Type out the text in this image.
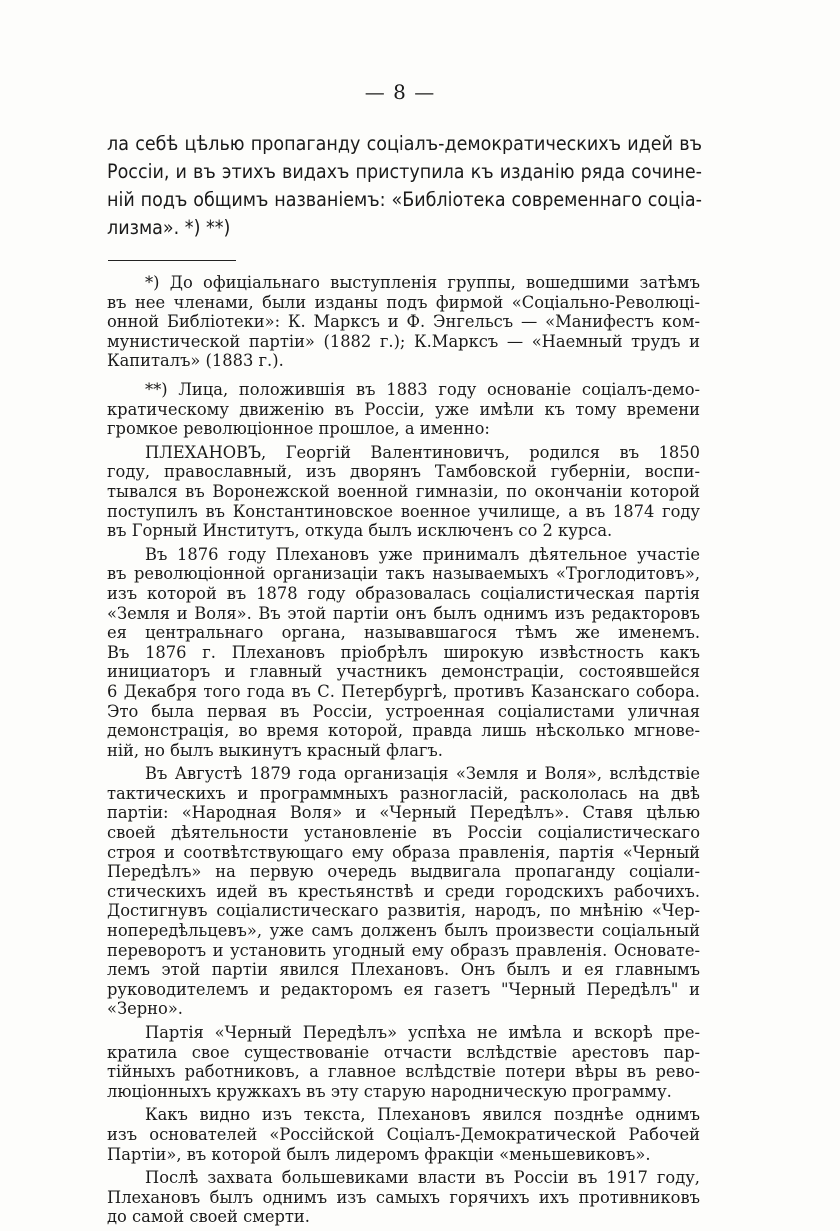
— 8 —
ла себѣ цѣлью пропаганду соціалъ-демократическихъ идей въ
Россіи, и въ этихъ видахъ приступила къ изданію ряда сочине-
ній подъ общимъ названіемъ: «Библіотека современнаго соціа-
лизма». *) **)
*) До офиціальнаго выступленія группы, вошедшими затѣмъ
въ нее членами, были изданы подъ фирмой «Соціально-Революці-
онной Библіотеки»: К. Марксъ и Ф. Энгельсъ — «Манифестъ ком-
мунистической партіи» (1882 г.); К.Марксъ — «Наемный трудъ и
Капиталъ» (1883 г.).
**) Лица, положившія въ 1883 году основаніе соціалъ-демо-
кратическому движенію въ Россіи, уже имѣли къ тому времени
громкое революціонное прошлое, а именно:
ПЛЕХАНОВЪ, Георгій Валентиновичъ, родился въ 1850
году, православный, изъ дворянъ Тамбовской губерніи, воспи-
тывался въ Воронежской военной гимназіи, по окончаніи которой
поступилъ въ Константиновское военное училище, а въ 1874 году
въ Горный Институтъ, откуда былъ исключенъ со 2 курса.
Въ 1876 году Плехановъ уже принималъ дѣятельное участіе
въ революціонной организаціи такъ называемыхъ «Троглодитовъ»,
изъ которой въ 1878 году образовалась соціалистическая партія
«Земля и Воля». Въ этой партіи онъ былъ однимъ изъ редакторовъ
ея центральнаго органа, называвшагося тѣмъ же именемъ.
Въ 1876 г. Плехановъ пріобрѣлъ широкую извѣстность какъ
инициаторъ и главный участникъ демонстраціи, состоявшейся
6 Декабря того года въ С. Петербургѣ, противъ Казанскаго собора.
Это была первая въ Россіи, устроенная соціалистами уличная
демонстрація, во время которой, правда лишь нѣсколько мгнове-
ній, но былъ выкинутъ красный флагъ.
Въ Августѣ 1879 года организація «Земля и Воля», вслѣдствіе
тактическихъ и программныхъ разногласій, раскололась на двѣ
партіи: «Народная Воля» и «Черный Передѣлъ». Ставя цѣлью
своей дѣятельности установленіе въ Россіи соціалистическаго
строя и соотвѣтствующаго ему образа правленія, партія «Черный
Передѣлъ» на первую очередь выдвигала пропаганду соціали-
стическихъ идей въ крестьянствѣ и среди городскихъ рабочихъ.
Достигнувъ соціалистическаго развитія, народъ, по мнѣнію «Чер-
нопередѣльцевъ», уже самъ долженъ былъ произвести соціальный
переворотъ и установить угодный ему образъ правленія. Основате-
лемъ этой партіи явился Плехановъ. Онъ былъ и ея главнымъ
руководителемъ и редакторомъ ея газетъ "Черный Передѣлъ" и
«Зерно».
Партія «Черный Передѣлъ» успѣха не имѣла и вскорѣ пре-
кратила свое существованіе отчасти вслѣдствіе арестовъ пар-
тійныхъ работниковъ, а главное вслѣдствіе потери вѣры въ рево-
люціонныхъ кружкахъ въ эту старую народническую программу.
Какъ видно изъ текста, Плехановъ явился позднѣе однимъ
изъ основателей «Россійской Соціалъ-Демократической Рабочей
Партіи», въ которой былъ лидеромъ фракціи «меньшевиковъ».
Послѣ захвата большевиками власти въ Россіи въ 1917 году,
Плехановъ былъ однимъ изъ самыхъ горячихъ ихъ противниковъ
до самой своей смерти.
